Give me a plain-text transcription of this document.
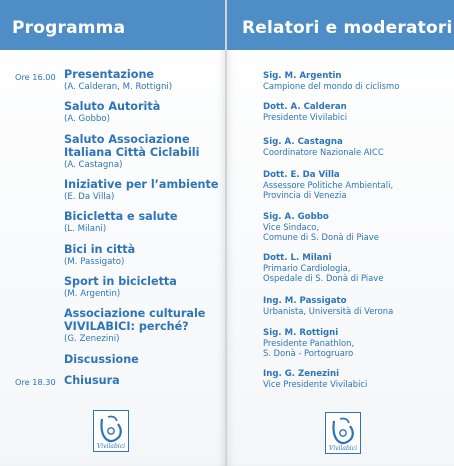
Programma
Ore 16.00
Ore 18.30
Presentazione
(A. Calderan, M. Rottigni)
Saluto Autorità
(A. Gobbo)
Saluto Associazione
Italiana Città Ciclabili
(A. Castagna)
Iniziative per l’ambiente
(E. Da Villa)
Bicicletta e salute
(L. Milani)
Bici in città
(M. Passigato)
Sport in bicicletta
(M. Argentin)
Associazione culturale
VIVILABICI: perché?
(G. Zenezini)
Discussione
Chiusura
Vivilabici
Relatori e moderatori
Sig. M. Argentin
Campione del mondo di ciclismo
Dott. A. Calderan
Presidente Vivilabici
Sig. A. Castagna
Coordinatore Nazionale AICC
Dott. E. Da Villa
Assessore Politiche Ambientali,
Provincia di Venezia
Sig. A. Gobbo
Vice Sindaco,
Comune di S. Donà di Piave
Dott. L. Milani
Primario Cardiologia,
Ospedale di S. Donà di Piave
Ing. M. Passigato
Urbanista, Università di Verona
Sig. M. Rottigni
Presidente Panathlon,
S. Donà - Portogruaro
Ing. G. Zenezini
Vice Presidente Vivilabici
Vivilabici
